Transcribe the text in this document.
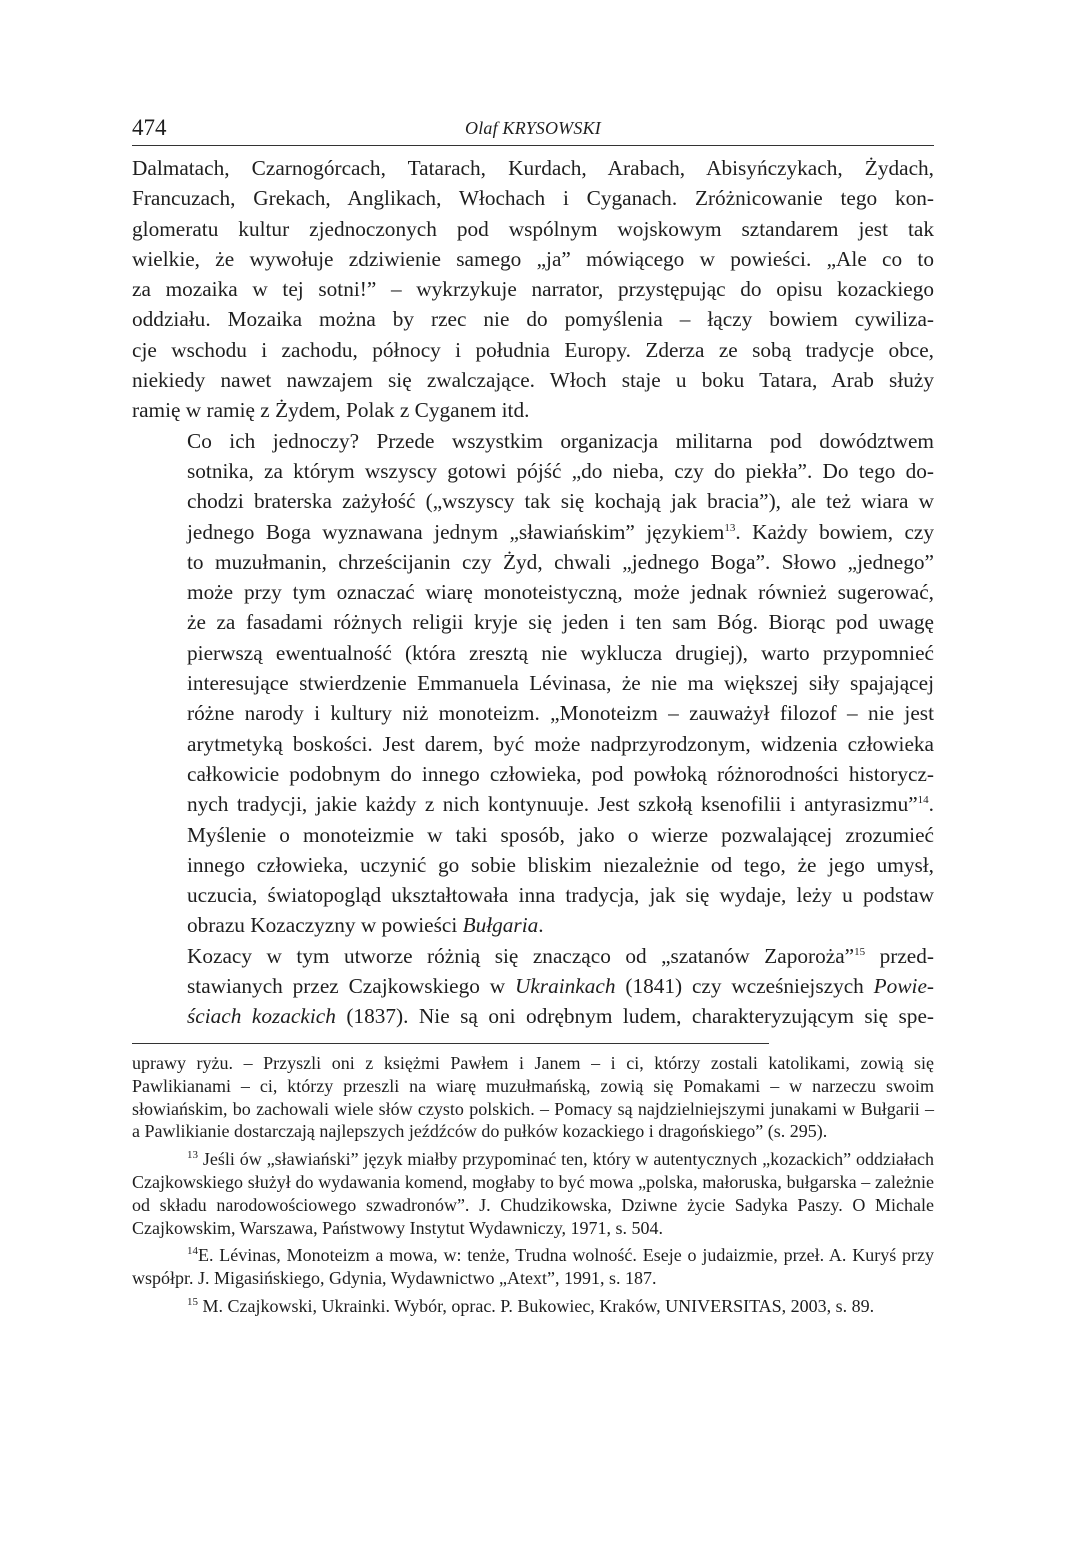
474	Olaf KRYSOWSKI

Dalmatach, Czarnogórcach, Tatarach, Kurdach, Arabach, Abisyńczykach, Żydach,
Francuzach, Grekach, Anglikach, Włochach i Cyganach. Zróżnicowanie tego kon-
glomeratu kultur zjednoczonych pod wspólnym wojskowym sztandarem jest tak
wielkie, że wywołuje zdziwienie samego „ja” mówiącego w powieści. „Ale co to
za mozaika w tej sotni!” – wykrzykuje narrator, przystępując do opisu kozackiego
oddziału. Mozaika można by rzec nie do pomyślenia – łączy bowiem cywiliza-
cje wschodu i zachodu, północy i południa Europy. Zderza ze sobą tradycje obce,
niekiedy nawet nawzajem się zwalczające. Włoch staje u boku Tatara, Arab służy
ramię w ramię z Żydem, Polak z Cyganem itd.

Co ich jednoczy? Przede wszystkim organizacja militarna pod dowództwem
sotnika, za którym wszyscy gotowi pójść „do nieba, czy do piekła”. Do tego do-
chodzi braterska zażyłość („wszyscy tak się kochają jak bracia”), ale też wiara w
jednego Boga wyznawana jednym „sławiańskim” językiem$^{13}$. Każdy bowiem, czy
to muzułmanin, chrześcijanin czy Żyd, chwali „jednego Boga”. Słowo „jednego”
może przy tym oznaczać wiarę monoteistyczną, może jednak również sugerować,
że za fasadami różnych religii kryje się jeden i ten sam Bóg. Biorąc pod uwagę
pierwszą ewentualność (która zresztą nie wyklucza drugiej), warto przypomnieć
interesujące stwierdzenie Emmanuela Lévinasa, że nie ma większej siły spajającej
różne narody i kultury niż monoteizm. „Monoteizm – zauważył filozof – nie jest
arytmetyką boskości. Jest darem, być może nadprzyrodzonym, widzenia człowieka
całkowicie podobnym do innego człowieka, pod powłoką różnorodności historycz-
nych tradycji, jakie każdy z nich kontynuuje. Jest szkołą ksenofilii i antyrasizmu”$^{14}$.
Myślenie o monoteizmie w taki sposób, jako o wierze pozwalającej zrozumieć
innego człowieka, uczynić go sobie bliskim niezależnie od tego, że jego umysł,
uczucia, światopogląd ukształtowała inna tradycja, jak się wydaje, leży u podstaw
obrazu Kozaczyzny w powieści Bułgaria.

Kozacy w tym utworze różnią się znacząco od „szatanów Zaporoża”$^{15}$ przed-
stawianych przez Czajkowskiego w Ukrainkach (1841) czy wcześniejszych Powie-
ściach kozackich (1837). Nie są oni odrębnym ludem, charakteryzującym się spe-

uprawy ryżu. – Przyszli oni z księżmi Pawłem i Janem – i ci, którzy zostali katolikami, zowią się Pawlikianami – ci, którzy przeszli na wiarę muzułmańską, zowią się Pomakami – w narzeczu swoim słowiańskim, bo zachowali wiele słów czysto polskich. – Pomacy są najdzielniejszymi junakami w Bułgarii – a Pawlikianie dostarczają najlepszych jeźdźców do pułków kozackiego i dragońskiego” (s. 295).

$^{13}$ Jeśli ów „sławiański” język miałby przypominać ten, który w autentycznych „kozackich” oddziałach Czajkowskiego służył do wydawania komend, mogłaby to być mowa „polska, małoruska, bułgarska – zależnie od składu narodowościowego szwadronów”. J. Chudzikowska, Dziwne życie Sadyka Paszy. O Michale Czajkowskim, Warszawa, Państwowy Instytut Wydawniczy, 1971, s. 504.

$^{14}$E. Lévinas, Monoteizm a mowa, w: tenże, Trudna wolność. Eseje o judaizmie, przeł. A. Kuryś przy współpr. J. Migasińskiego, Gdynia, Wydawnictwo „Atext”, 1991, s. 187.

$^{15}$ M. Czajkowski, Ukrainki. Wybór, oprac. P. Bukowiec, Kraków, UNIVERSITAS, 2003, s. 89.
